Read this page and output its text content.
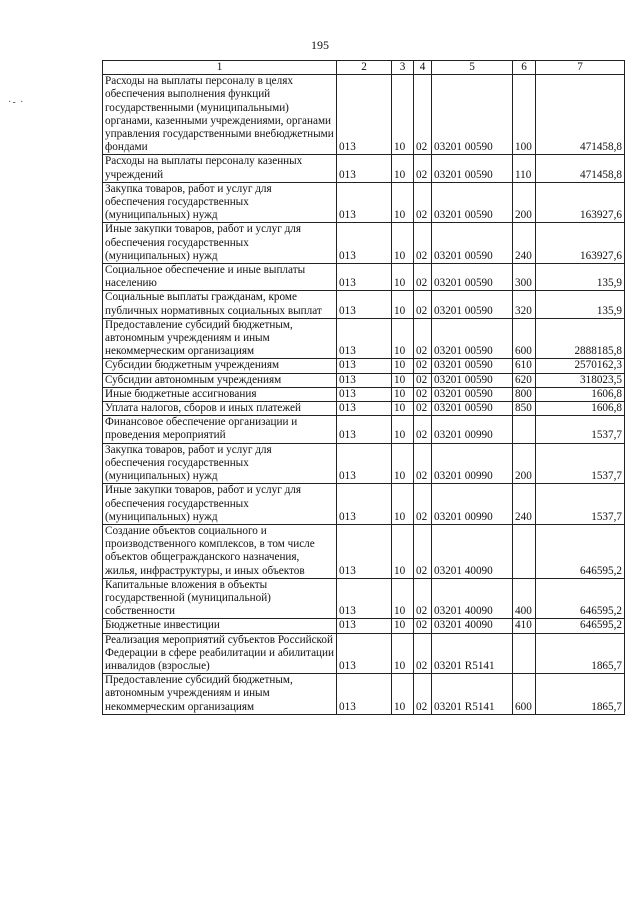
195
·- ·
1	2	3	4	5	6	7
Расходы на выплаты персоналу в целях обеспечения выполнения функций государственными (муниципальными) органами, казенными учреждениями, органами управления государственными внебюджетными фондами	013	10	02	03201 00590	100	471458,8
Расходы на выплаты персоналу казенных учреждений	013	10	02	03201 00590	110	471458,8
Закупка товаров, работ и услуг для обеспечения государственных (муниципальных) нужд	013	10	02	03201 00590	200	163927,6
Иные закупки товаров, работ и услуг для обеспечения государственных (муниципальных) нужд	013	10	02	03201 00590	240	163927,6
Социальное обеспечение и иные выплаты населению	013	10	02	03201 00590	300	135,9
Социальные выплаты гражданам, кроме публичных нормативных социальных выплат	013	10	02	03201 00590	320	135,9
Предоставление субсидий бюджетным, автономным учреждениям и иным некоммерческим организациям	013	10	02	03201 00590	600	2888185,8
Субсидии бюджетным учреждениям	013	10	02	03201 00590	610	2570162,3
Субсидии автономным учреждениям	013	10	02	03201 00590	620	318023,5
Иные бюджетные ассигнования	013	10	02	03201 00590	800	1606,8
Уплата налогов, сборов и иных платежей	013	10	02	03201 00590	850	1606,8
Финансовое обеспечение организации и проведения мероприятий	013	10	02	03201 00990		1537,7
Закупка товаров, работ и услуг для обеспечения государственных (муниципальных) нужд	013	10	02	03201 00990	200	1537,7
Иные закупки товаров, работ и услуг для обеспечения государственных (муниципальных) нужд	013	10	02	03201 00990	240	1537,7
Создание объектов социального и производственного комплексов, в том числе объектов общегражданского назначения, жилья, инфраструктуры, и иных объектов	013	10	02	03201 40090		646595,2
Капитальные вложения в объекты государственной (муниципальной) собственности	013	10	02	03201 40090	400	646595,2
Бюджетные инвестиции	013	10	02	03201 40090	410	646595,2
Реализация мероприятий субъектов Российской Федерации в сфере реабилитации и абилитации инвалидов (взрослые)	013	10	02	03201 R5141		1865,7
Предоставление субсидий бюджетным, автономным учреждениям и иным некоммерческим организациям	013	10	02	03201 R5141	600	1865,7
